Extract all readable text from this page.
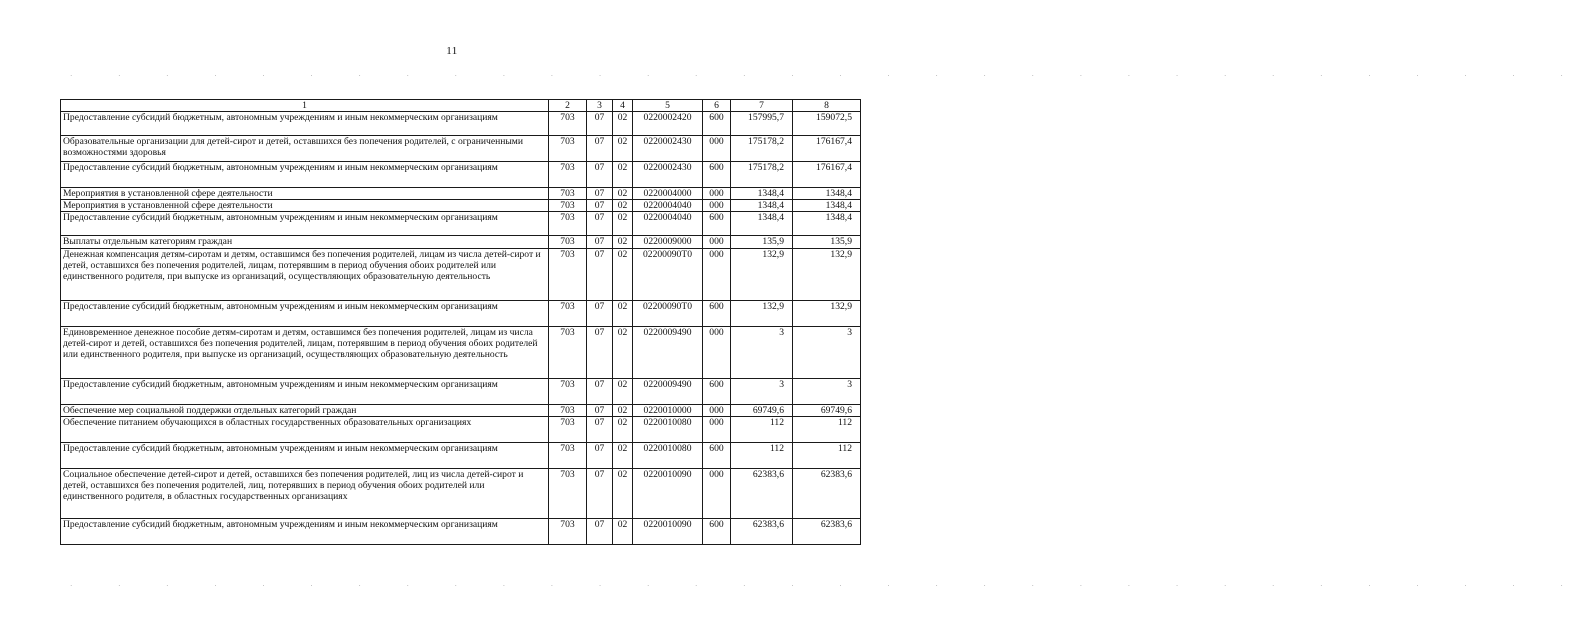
· · · · · · · · · · · · · · · · · · · · · · · · · · · · · · · ·
· · · · · · · · · · · · · · · · · · · · · · · · · · · · · · · ·
11
1	2	3	4	5	6	7	8
Предоставление субсидий бюджетным, автономным учреждениям и иным некоммерческим организациям	703	07	02	0220002420	600	157995,7	159072,5
Образовательные организации для детей-сирот и детей, оставшихся без попечения родителей, с ограниченными возможностями здоровья	703	07	02	0220002430	000	175178,2	176167,4
Предоставление субсидий бюджетным, автономным учреждениям и иным некоммерческим организациям	703	07	02	0220002430	600	175178,2	176167,4
Мероприятия в установленной сфере деятельности	703	07	02	0220004000	000	1348,4	1348,4
Мероприятия в установленной сфере деятельности	703	07	02	0220004040	000	1348,4	1348,4
Предоставление субсидий бюджетным, автономным учреждениям и иным некоммерческим организациям	703	07	02	0220004040	600	1348,4	1348,4
Выплаты отдельным категориям граждан	703	07	02	0220009000	000	135,9	135,9
Денежная компенсация детям-сиротам и детям, оставшимся без попечения родителей, лицам из числа детей-сирот и детей, оставшихся без попечения родителей, лицам, потерявшим в период обучения обоих родителей или единственного родителя, при выпуске из организаций, осуществляющих образовательную деятельность	703	07	02	02200090Т0	000	132,9	132,9
Предоставление субсидий бюджетным, автономным учреждениям и иным некоммерческим организациям	703	07	02	02200090Т0	600	132,9	132,9
Единовременное денежное пособие детям-сиротам и детям, оставшимся без попечения родителей, лицам из числа детей-сирот и детей, оставшихся без попечения родителей, лицам, потерявшим в период обучения обоих родителей или единственного родителя, при выпуске из организаций, осуществляющих образовательную деятельность	703	07	02	0220009490	000	3	3
Предоставление субсидий бюджетным, автономным учреждениям и иным некоммерческим организациям	703	07	02	0220009490	600	3	3
Обеспечение мер социальной поддержки отдельных категорий граждан	703	07	02	0220010000	000	69749,6	69749,6
Обеспечение питанием обучающихся в областных государственных образовательных организациях	703	07	02	0220010080	000	112	112
Предоставление субсидий бюджетным, автономным учреждениям и иным некоммерческим организациям	703	07	02	0220010080	600	112	112
Социальное обеспечение детей-сирот и детей, оставшихся без попечения родителей, лиц из числа детей-сирот и детей, оставшихся без попечения родителей, лиц, потерявших в период обучения обоих родителей или единственного родителя, в областных государственных организациях	703	07	02	0220010090	000	62383,6	62383,6
Предоставление субсидий бюджетным, автономным учреждениям и иным некоммерческим организациям	703	07	02	0220010090	600	62383,6	62383,6
